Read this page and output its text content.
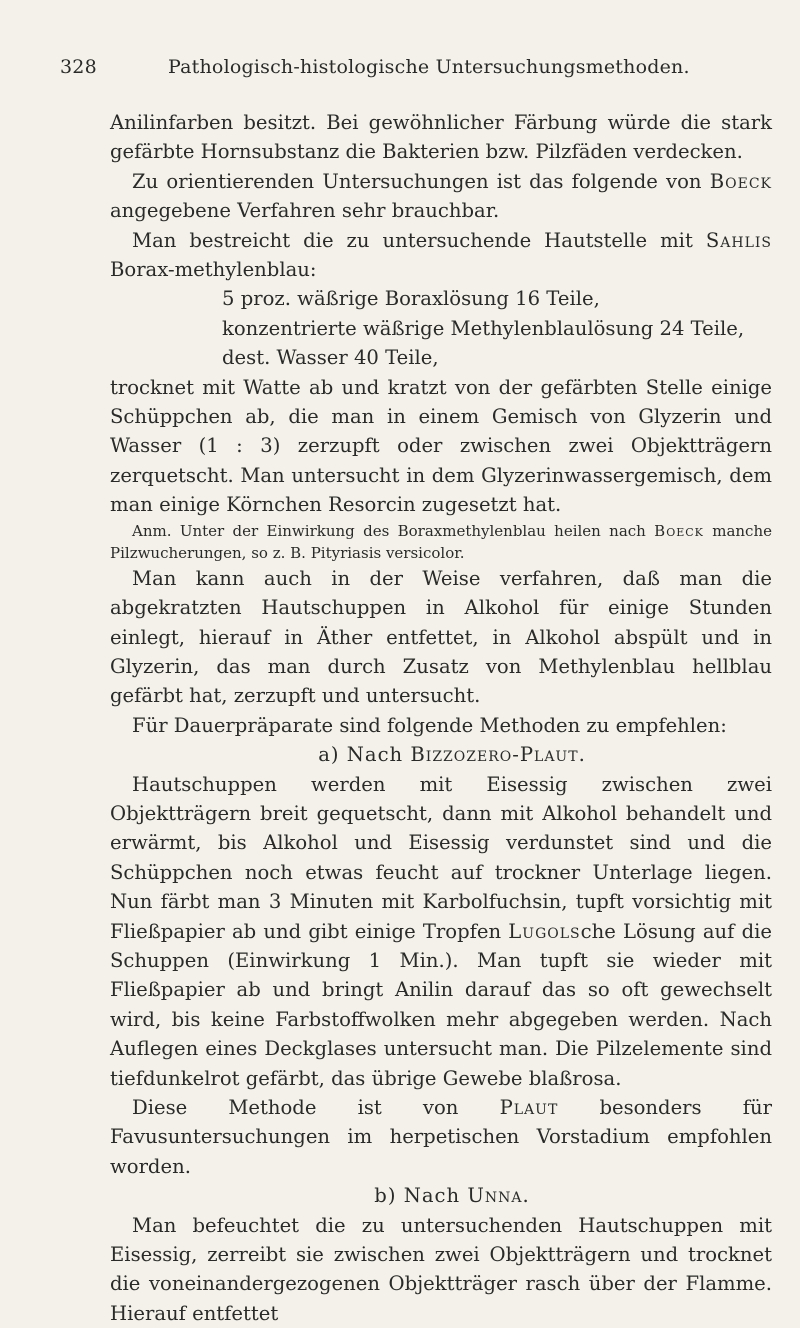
328	Pathologisch-histologische Untersuchungsmethoden.

Anilinfarben besitzt. Bei gewöhnlicher Färbung würde die stark gefärbte Hornsubstanz die Bakterien bzw. Pilzfäden verdecken.

Zu orientierenden Untersuchungen ist das folgende von Boeck angegebene Verfahren sehr brauchbar.

Man bestreicht die zu untersuchende Hautstelle mit Sahlis Borax-methylenblau:

5 proz. wäßrige Boraxlösung 16 Teile,
konzentrierte wäßrige Methylenblaulösung 24 Teile,
dest. Wasser 40 Teile,

trocknet mit Watte ab und kratzt von der gefärbten Stelle einige Schüppchen ab, die man in einem Gemisch von Glyzerin und Wasser (1 : 3) zerzupft oder zwischen zwei Objektträgern zerquetscht. Man untersucht in dem Glyzerinwassergemisch, dem man einige Körnchen Resorcin zugesetzt hat.

Anm. Unter der Einwirkung des Boraxmethylenblau heilen nach Boeck manche Pilzwucherungen, so z. B. Pityriasis versicolor.

Man kann auch in der Weise verfahren, daß man die abgekratzten Hautschuppen in Alkohol für einige Stunden einlegt, hierauf in Äther entfettet, in Alkohol abspült und in Glyzerin, das man durch Zusatz von Methylenblau hellblau gefärbt hat, zerzupft und untersucht.

Für Dauerpräparate sind folgende Methoden zu empfehlen:

a) Nach Bizzozero-Plaut.

Hautschuppen werden mit Eisessig zwischen zwei Objektträgern breit gequetscht, dann mit Alkohol behandelt und erwärmt, bis Alkohol und Eisessig verdunstet sind und die Schüppchen noch etwas feucht auf trockner Unterlage liegen. Nun färbt man 3 Minuten mit Karbolfuchsin, tupft vorsichtig mit Fließpapier ab und gibt einige Tropfen Lugolsche Lösung auf die Schuppen (Einwirkung 1 Min.). Man tupft sie wieder mit Fließpapier ab und bringt Anilin darauf das so oft gewechselt wird, bis keine Farbstoffwolken mehr abgegeben werden. Nach Auflegen eines Deckglases untersucht man. Die Pilzelemente sind tiefdunkelrot gefärbt, das übrige Gewebe blaßrosa.

Diese Methode ist von Plaut besonders für Favusuntersuchungen im herpetischen Vorstadium empfohlen worden.

b) Nach Unna.

Man befeuchtet die zu untersuchenden Hautschuppen mit Eisessig, zerreibt sie zwischen zwei Objektträgern und trocknet die voneinandergezogenen Objektträger rasch über der Flamme. Hierauf entfettet
